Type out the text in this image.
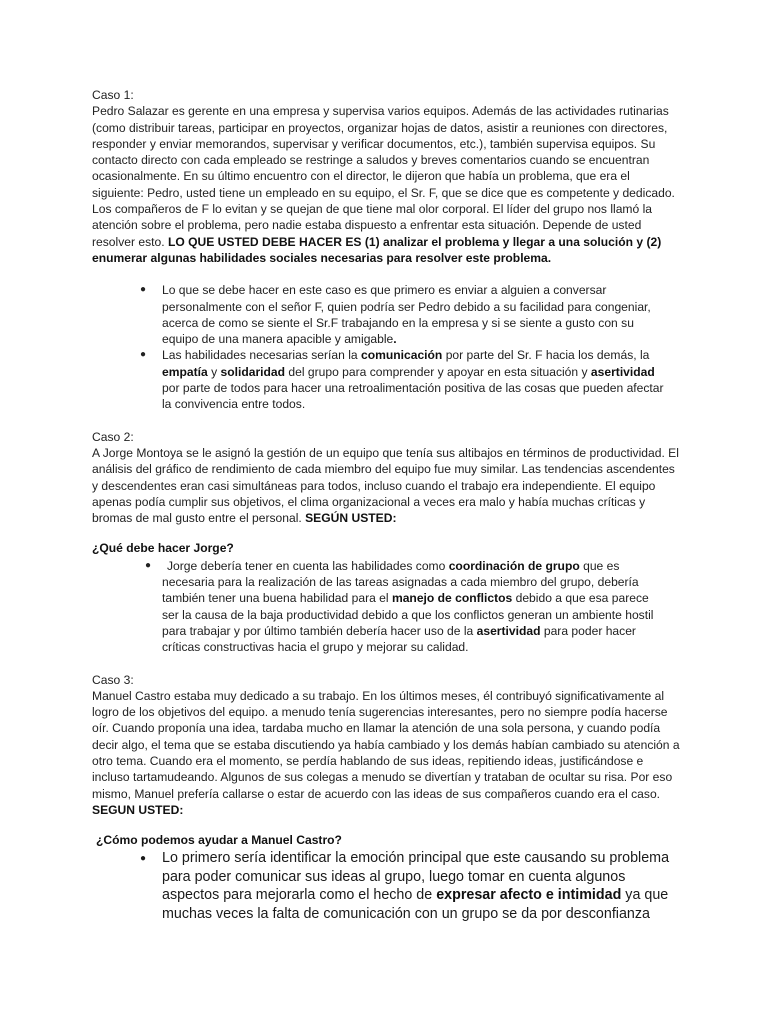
Caso 1:

Pedro Salazar es gerente en una empresa y supervisa varios equipos. Además de las actividades rutinarias (como distribuir tareas, participar en proyectos, organizar hojas de datos, asistir a reuniones con directores, responder y enviar memorandos, supervisar y verificar documentos, etc.), también supervisa equipos. Su contacto directo con cada empleado se restringe a saludos y breves comentarios cuando se encuentran ocasionalmente. En su último encuentro con el director, le dijeron que había un problema, que era el siguiente: Pedro, usted tiene un empleado en su equipo, el Sr. F, que se dice que es competente y dedicado. Los compañeros de F lo evitan y se quejan de que tiene mal olor corporal. El líder del grupo nos llamó la atención sobre el problema, pero nadie estaba dispuesto a enfrentar esta situación. Depende de usted resolver esto. LO QUE USTED DEBE HACER ES (1) analizar el problema y llegar a una solución y (2) enumerar algunas habilidades sociales necesarias para resolver este problema.

● Lo que se debe hacer en este caso es que primero es enviar a alguien a conversar personalmente con el señor F, quien podría ser Pedro debido a su facilidad para congeniar, acerca de como se siente el Sr.F trabajando en la empresa y si se siente a gusto con su equipo de una manera apacible y amigable.
● Las habilidades necesarias serían la comunicación por parte del Sr. F hacia los demás, la empatía y solidaridad del grupo para comprender y apoyar en esta situación y asertividad por parte de todos para hacer una retroalimentación positiva de las cosas que pueden afectar la convivencia entre todos.

Caso 2:

A Jorge Montoya se le asignó la gestión de un equipo que tenía sus altibajos en términos de productividad. El análisis del gráfico de rendimiento de cada miembro del equipo fue muy similar. Las tendencias ascendentes y descendentes eran casi simultáneas para todos, incluso cuando el trabajo era independiente. El equipo apenas podía cumplir sus objetivos, el clima organizacional a veces era malo y había muchas críticas y bromas de mal gusto entre el personal. SEGÚN USTED:

¿Qué debe hacer Jorge?

● Jorge debería tener en cuenta las habilidades como coordinación de grupo que es necesaria para la realización de las tareas asignadas a cada miembro del grupo, debería también tener una buena habilidad para el manejo de conflictos debido a que esa parece ser la causa de la baja productividad debido a que los conflictos generan un ambiente hostil para trabajar y por último también debería hacer uso de la asertividad para poder hacer críticas constructivas hacia el grupo y mejorar su calidad.

Caso 3:

Manuel Castro estaba muy dedicado a su trabajo. En los últimos meses, él contribuyó significativamente al logro de los objetivos del equipo. a menudo tenía sugerencias interesantes, pero no siempre podía hacerse oír. Cuando proponía una idea, tardaba mucho en llamar la atención de una sola persona, y cuando podía decir algo, el tema que se estaba discutiendo ya había cambiado y los demás habían cambiado su atención a otro tema. Cuando era el momento, se perdía hablando de sus ideas, repitiendo ideas, justificándose e incluso tartamudeando. Algunos de sus colegas a menudo se divertían y trataban de ocultar su risa. Por eso mismo, Manuel prefería callarse o estar de acuerdo con las ideas de sus compañeros cuando era el caso. SEGUN USTED:

¿Cómo podemos ayudar a Manuel Castro?

● Lo primero sería identificar la emoción principal que este causando su problema para poder comunicar sus ideas al grupo, luego tomar en cuenta algunos aspectos para mejorarla como el hecho de expresar afecto e intimidad ya que muchas veces la falta de comunicación con un grupo se da por desconfianza
